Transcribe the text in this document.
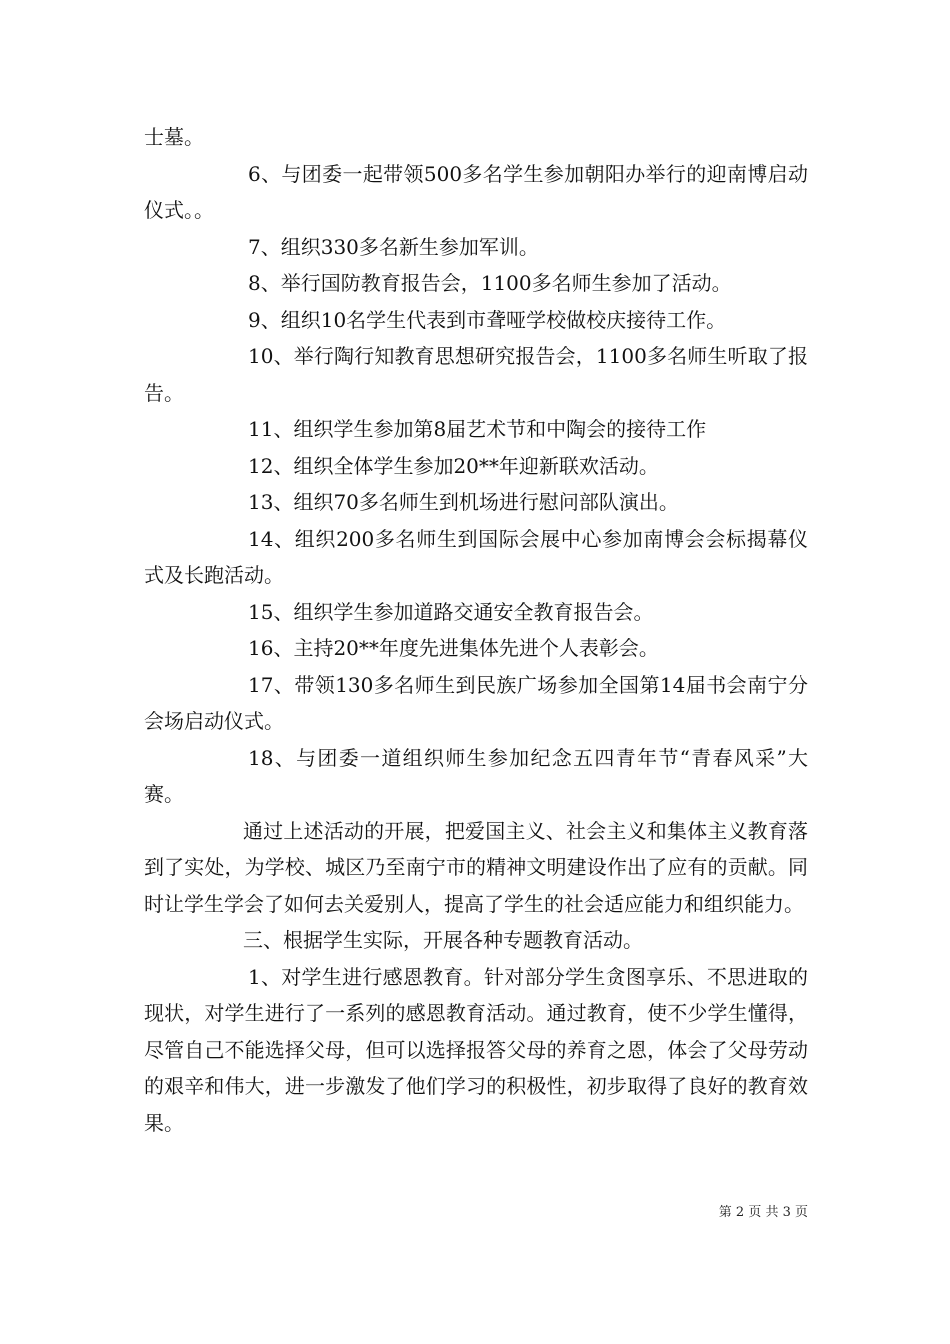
士墓。

6、与团委一起带领500多名学生参加朝阳办举行的迎南博启动仪式。。

7、组织330多名新生参加军训。

8、举行国防教育报告会，1100多名师生参加了活动。

9、组织10名学生代表到市聋哑学校做校庆接待工作。

10、举行陶行知教育思想研究报告会，1100多名师生听取了报告。

11、组织学生参加第8届艺术节和中陶会的接待工作

12、组织全体学生参加20**年迎新联欢活动。

13、组织70多名师生到机场进行慰问部队演出。

14、组织200多名师生到国际会展中心参加南博会会标揭幕仪式及长跑活动。

15、组织学生参加道路交通安全教育报告会。

16、主持20**年度先进集体先进个人表彰会。

17、带领130多名师生到民族广场参加全国第14届书会南宁分会场启动仪式。

18、与团委一道组织师生参加纪念五四青年节“青春风采”大赛。

通过上述活动的开展，把爱国主义、社会主义和集体主义教育落到了实处，为学校、城区乃至南宁市的精神文明建设作出了应有的贡献。同时让学生学会了如何去关爱别人，提高了学生的社会适应能力和组织能力。

三、根据学生实际，开展各种专题教育活动。

1、对学生进行感恩教育。针对部分学生贪图享乐、不思进取的现状，对学生进行了一系列的感恩教育活动。通过教育，使不少学生懂得，尽管自己不能选择父母，但可以选择报答父母的养育之恩，体会了父母劳动的艰辛和伟大，进一步激发了他们学习的积极性，初步取得了良好的教育效果。

第 2 页 共 3 页
